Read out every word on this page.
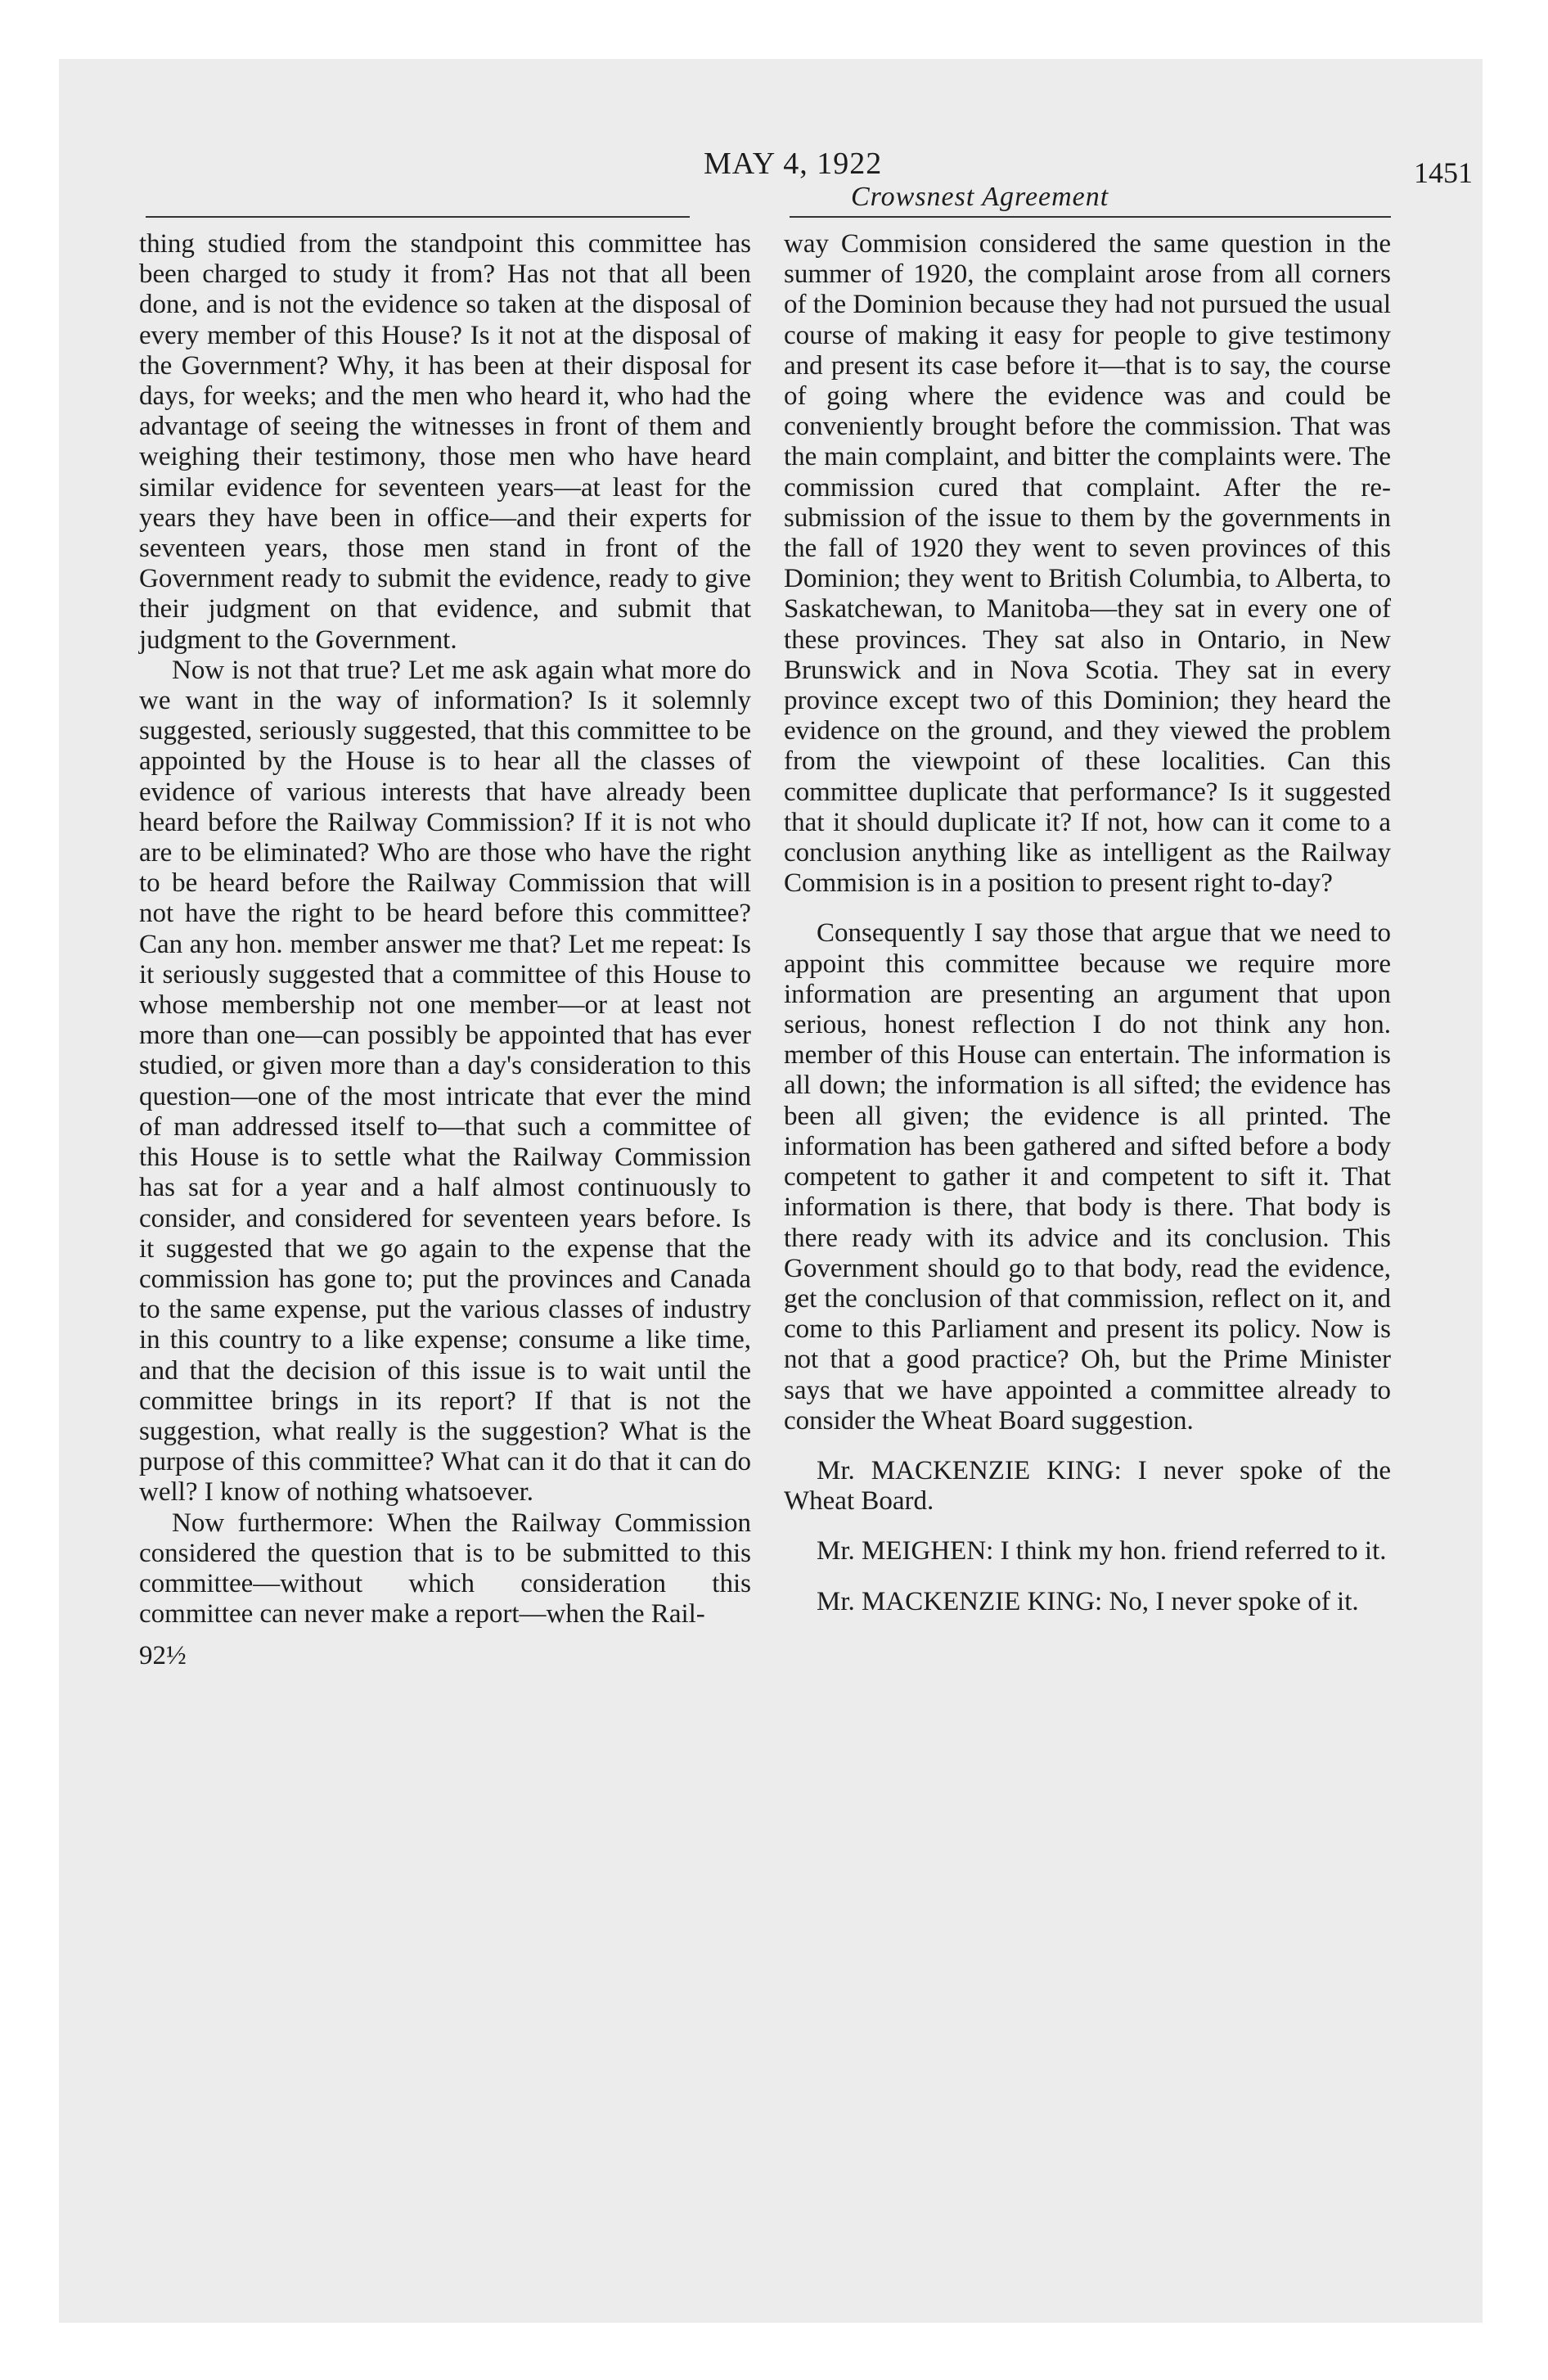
MAY 4, 1922
Crowsnest Agreement
1451

thing studied from the standpoint this committee has been charged to study it from? Has not that all been done, and is not the evidence so taken at the disposal of every member of this House? Is it not at the disposal of the Government? Why, it has been at their disposal for days, for weeks; and the men who heard it, who had the advantage of seeing the witnesses in front of them and weighing their testimony, those men who have heard similar evidence for seventeen years—at least for the years they have been in office—and their experts for seventeen years, those men stand in front of the Government ready to submit the evidence, ready to give their judgment on that evidence, and submit that judgment to the Government.

Now is not that true? Let me ask again what more do we want in the way of information? Is it solemnly suggested, seriously suggested, that this committee to be appointed by the House is to hear all the classes of evidence of various interests that have already been heard before the Railway Commission? If it is not who are to be eliminated? Who are those who have the right to be heard before the Railway Commission that will not have the right to be heard before this committee? Can any hon. member answer me that? Let me repeat: Is it seriously suggested that a committee of this House to whose membership not one member—or at least not more than one—can possibly be appointed that has ever studied, or given more than a day's consideration to this question—one of the most intricate that ever the mind of man addressed itself to—that such a committee of this House is to settle what the Railway Commission has sat for a year and a half almost continuously to consider, and considered for seventeen years before. Is it suggested that we go again to the expense that the commission has gone to; put the provinces and Canada to the same expense, put the various classes of industry in this country to a like expense; consume a like time, and that the decision of this issue is to wait until the committee brings in its report? If that is not the suggestion, what really is the suggestion? What is the purpose of this committee? What can it do that it can do well? I know of nothing whatsoever.

Now furthermore: When the Railway Commission considered the question that is to be submitted to this committee—without which consideration this committee can never make a report—when the Rail-

92½

way Commision considered the same question in the summer of 1920, the complaint arose from all corners of the Dominion because they had not pursued the usual course of making it easy for people to give testimony and present its case before it—that is to say, the course of going where the evidence was and could be conveniently brought before the commission. That was the main complaint, and bitter the complaints were. The commission cured that complaint. After the re-submission of the issue to them by the governments in the fall of 1920 they went to seven provinces of this Dominion; they went to British Columbia, to Alberta, to Saskatchewan, to Manitoba—they sat in every one of these provinces. They sat also in Ontario, in New Brunswick and in Nova Scotia. They sat in every province except two of this Dominion; they heard the evidence on the ground, and they viewed the problem from the viewpoint of these localities. Can this committee duplicate that performance? Is it suggested that it should duplicate it? If not, how can it come to a conclusion anything like as intelligent as the Railway Commision is in a position to present right to-day?

Consequently I say those that argue that we need to appoint this committee because we require more information are presenting an argument that upon serious, honest reflection I do not think any hon. member of this House can entertain. The information is all down; the information is all sifted; the evidence has been all given; the evidence is all printed. The information has been gathered and sifted before a body competent to gather it and competent to sift it. That information is there, that body is there. That body is there ready with its advice and its conclusion. This Government should go to that body, read the evidence, get the conclusion of that commission, reflect on it, and come to this Parliament and present its policy. Now is not that a good practice? Oh, but the Prime Minister says that we have appointed a committee already to consider the Wheat Board suggestion.

Mr. MACKENZIE KING: I never spoke of the Wheat Board.

Mr. MEIGHEN: I think my hon. friend referred to it.

Mr. MACKENZIE KING: No, I never spoke of it.
